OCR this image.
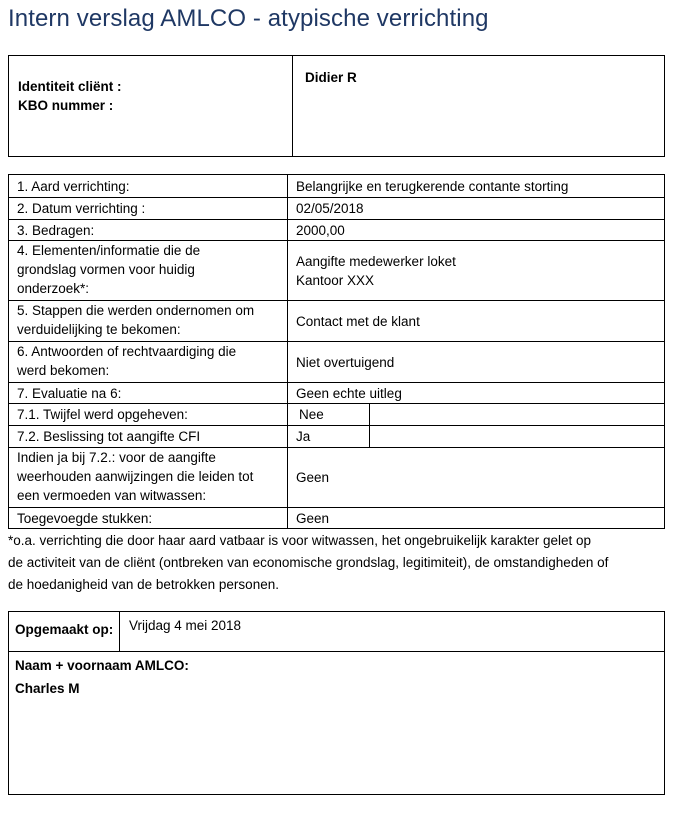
Intern verslag AMLCO - atypische verrichting
Identiteit cliënt :
KBO nummer :
	Didier R
1. Aard verrichting:	Belangrijke en terugkerende contante storting	
2. Datum verrichting :	02/05/2018	
3. Bedragen:	2000,00	

4. Elementen/informatie die de
grondslag vormen voor huidig
onderzoek*:	Aangifte medewerker loket
Kantoor XXX	

5. Stappen die werden ondernomen om
verduidelijking te bekomen:	Contact met de klant	

6. Antwoorden of rechtvaardiging die
werd bekomen:	Niet overtuigend	
7. Evaluatie na 6:	Geen echte uitleg	
7.1. Twijfel werd opgeheven:	Nee	
7.2. Beslissing tot aangifte CFI	Ja	

Indien ja bij 7.2.: voor de aangifte
weerhouden aanwijzingen die leiden tot
een vermoeden van witwassen:	Geen	
Toegevoegde stukken:	Geen	
*o.a. verrichting die door haar aard vatbaar is voor witwassen, het ongebruikelijk karakter gelet op
de activiteit van de cliënt (ontbreken van economische grondslag, legitimiteit), de omstandigheden of
de hoedanigheid van de betrokken personen.
Opgemaakt op:	Vrijdag 4 mei 2018

Naam + voornaam AMLCO:
Charles M
